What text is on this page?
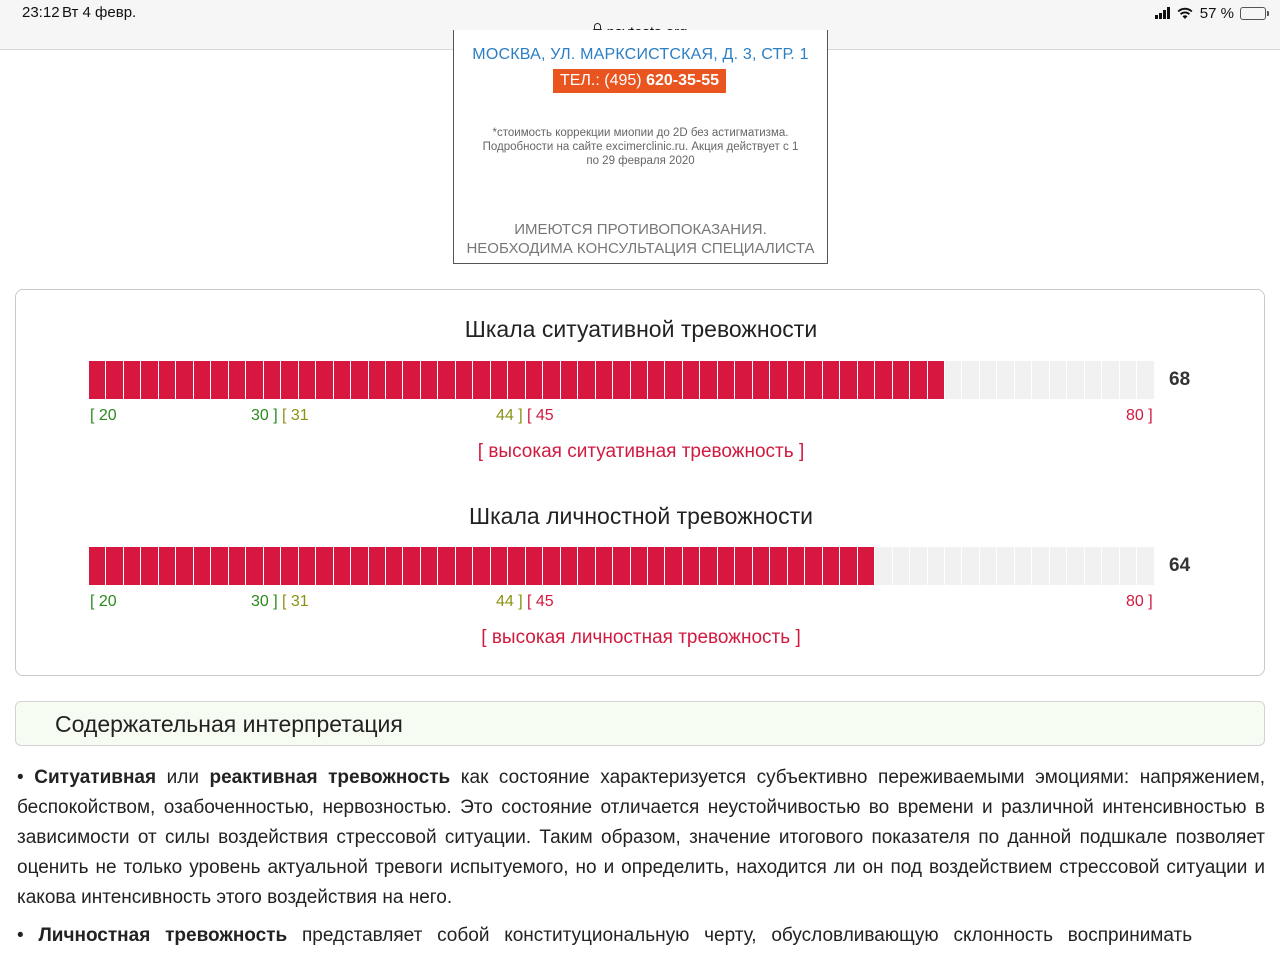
23:12 Вт 4 февр.	57 %
МОСКВА, УЛ. МАРКСИСТСКАЯ, Д. 3, СТР. 1
ТЕЛ.: (495) 620-35-55
*стоимость коррекции миопии до 2D без астигматизма.
Подробности на сайте excimerclinic.ru. Акция действует с 1
по 29 февраля 2020
ИМЕЮТСЯ ПРОТИВОПОКАЗАНИЯ.
НЕОБХОДИМА КОНСУЛЬТАЦИЯ СПЕЦИАЛИСТА
Шкала ситуативной тревожности
68
[ 20	30 ] [ 31	44 ] [ 45	80 ]
[ высокая ситуативная тревожность ]
Шкала личностной тревожности
64
[ 20	30 ] [ 31	44 ] [ 45	80 ]
[ высокая личностная тревожность ]
Содержательная интерпретация

• Ситуативная или реактивная тревожность как состояние характеризуется субъективно переживаемыми эмоциями: напряжением, беспокойством, озабоченностью, нервозностью. Это состояние отличается неустойчивостью во времени и различной интенсивностью в зависимости от силы воздействия стрессовой ситуации. Таким образом, значение итогового показателя по данной подшкале позволяет оценить не только уровень актуальной тревоги испытуемого, но и определить, находится ли он под воздействием стрессовой ситуации и какова интенсивность этого воздействия на него.

• Личностная тревожность представляет собой конституциональную черту, обусловливающую склонность воспринимать
